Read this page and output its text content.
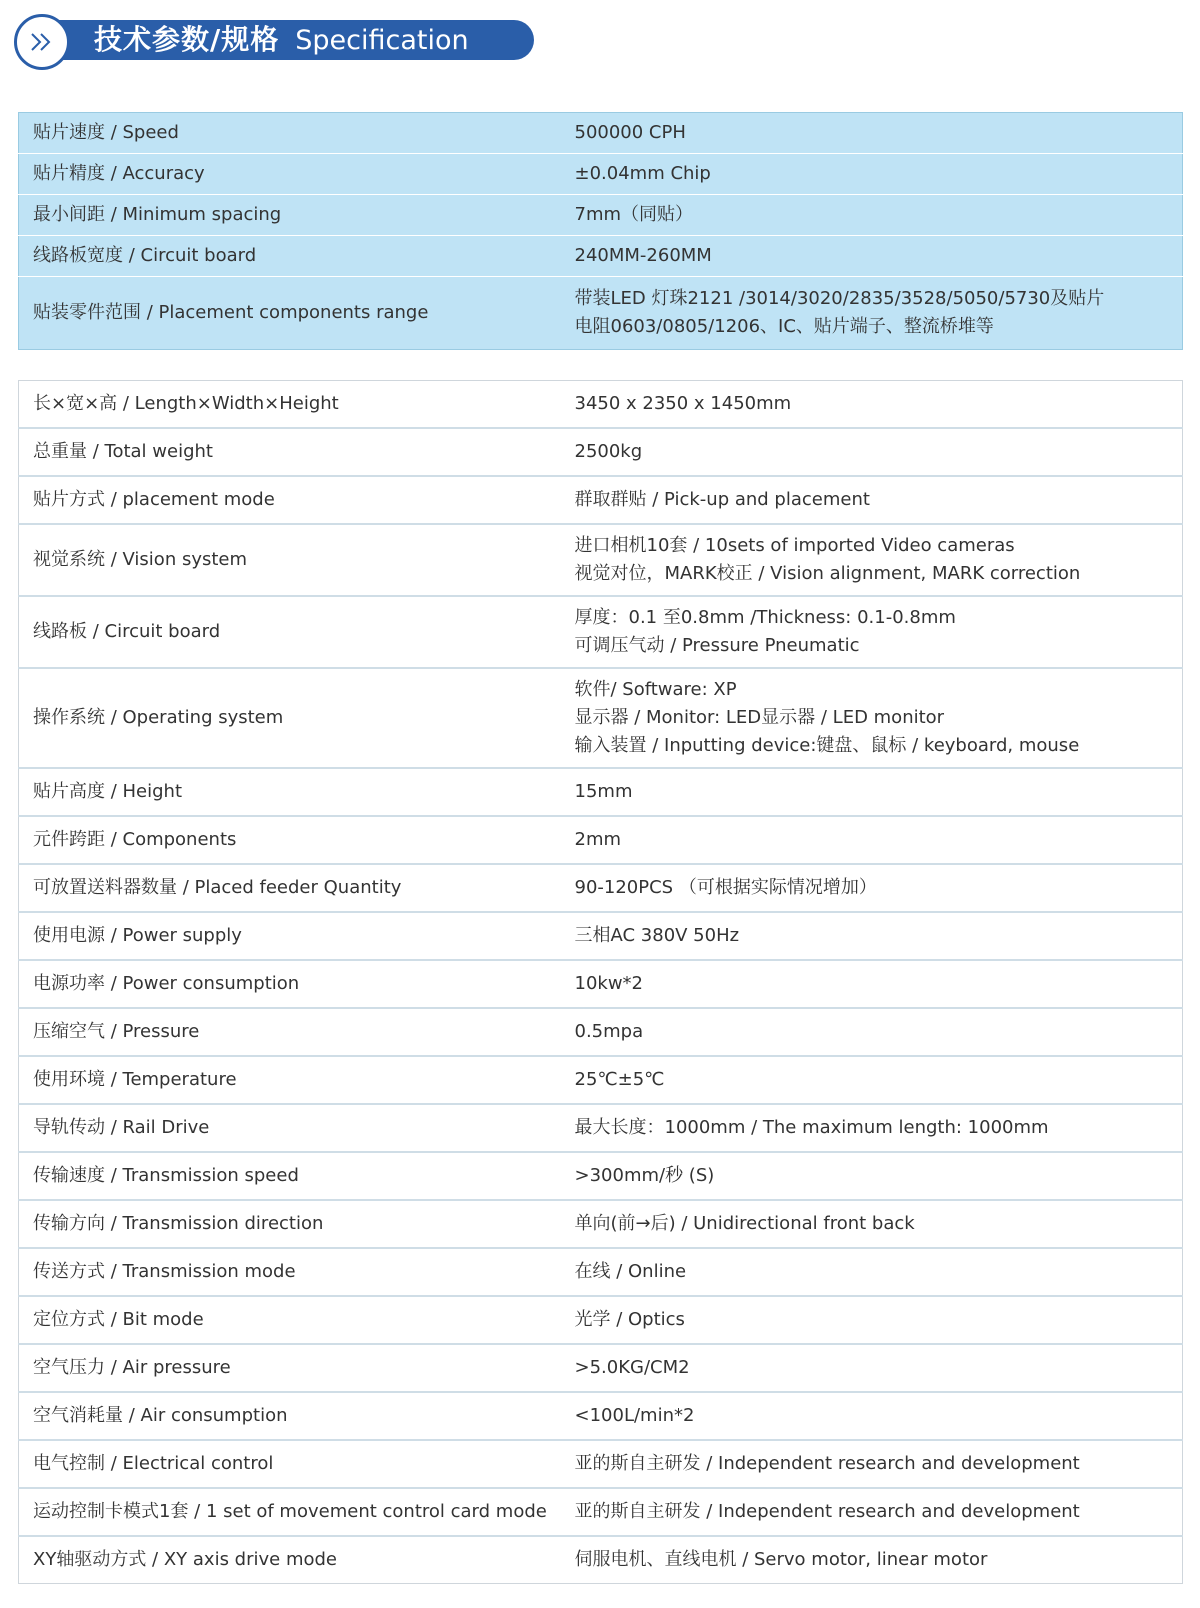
技术参数/规格 Specification
贴片速度 / Speed	500000 CPH
贴片精度 / Accuracy	±0.04mm Chip
最小间距 / Minimum spacing	7mm（同贴）
线路板宽度 / Circuit board	240MM-260MM
贴装零件范围 / Placement components range	带装LED 灯珠2121 /3014/3020/2835/3528/5050/5730及贴片
电阻0603/0805/1206、IC、贴片端子、整流桥堆等
长×宽×高 / Length×Width×Height	3450 x 2350 x 1450mm
总重量 / Total weight	2500kg
贴片方式 / placement mode	群取群贴 / Pick-up and placement
视觉系统 / Vision system	进口相机10套 / 10sets of imported Video cameras
视觉对位，MARK校正 / Vision alignment, MARK correction

线路板 / Circuit board	厚度：0.1 至0.8mm /Thickness: 0.1-0.8mm
可调压气动 / Pressure Pneumatic

操作系统 / Operating system	软件/ Software: XP
显示器 / Monitor: LED显示器 / LED monitor
输入装置 / Inputting device:键盘、鼠标 / keyboard, mouse

贴片高度 / Height	15mm
元件跨距 / Components	2mm
可放置送料器数量 / Placed feeder Quantity	90-120PCS （可根据实际情况增加）
使用电源 / Power supply	三相AC 380V 50Hz
电源功率 / Power consumption	10kw*2
压缩空气 / Pressure	0.5mpa
使用环境 / Temperature	25℃±5℃
导轨传动 / Rail Drive	最大长度：1000mm / The maximum length: 1000mm
传输速度 / Transmission speed	>300mm/秒 (S)
传输方向 / Transmission direction	单向(前→后) / Unidirectional front back
传送方式 / Transmission mode	在线 / Online
定位方式 / Bit mode	光学 / Optics
空气压力 / Air pressure	>5.0KG/CM2
空气消耗量 / Air consumption	<100L/min*2
电气控制 / Electrical control	亚的斯自主研发 / Independent research and development
运动控制卡模式1套 / 1 set of movement control card mode	亚的斯自主研发 / Independent research and development
XY轴驱动方式 / XY axis drive mode	伺服电机、直线电机 / Servo motor, linear motor
